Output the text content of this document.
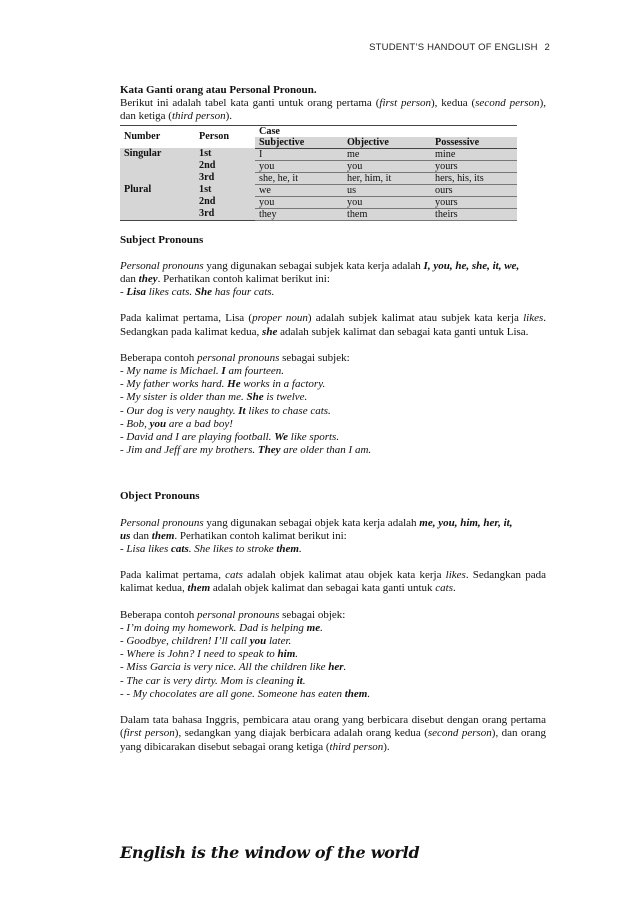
STUDENT’S HANDOUT OF ENGLISH 2

Kata Ganti orang atau Personal Pronoun.

Berikut ini adalah tabel kata ganti untuk orang pertama (first person), kedua (second person), dan ketiga (third person).

Number	Person	Case		
		Subjective	Objective	Possessive
Singular	1st	I	me	mine
	2nd	you	you	yours
	3rd	she, he, it	her, him, it	hers, his, its
Plural	1st	we	us	ours
	2nd	you	you	yours
	3rd	they	them	theirs

Subject Pronouns

Personal pronouns yang digunakan sebagai subjek kata kerja adalah I, you, he, she, it, we,
dan they. Perhatikan contoh kalimat berikut ini:

- Lisa likes cats. She has four cats.

Pada kalimat pertama, Lisa (proper noun) adalah subjek kalimat atau subjek kata kerja likes. Sedangkan pada kalimat kedua, she adalah subjek kalimat dan sebagai kata ganti untuk Lisa.

Beberapa contoh personal pronouns sebagai subjek:

- My name is Michael. I am fourteen.

- My father works hard. He works in a factory.

- My sister is older than me. She is twelve.

- Our dog is very naughty. It likes to chase cats.

- Bob, you are a bad boy!

- David and I are playing football. We like sports.

- Jim and Jeff are my brothers. They are older than I am.

Object Pronouns

Personal pronouns yang digunakan sebagai objek kata kerja adalah me, you, him, her, it,
us dan them. Perhatikan contoh kalimat berikut ini:

- Lisa likes cats. She likes to stroke them.

Pada kalimat pertama, cats adalah objek kalimat atau objek kata kerja likes. Sedangkan pada kalimat kedua, them adalah objek kalimat dan sebagai kata ganti untuk cats.

Beberapa contoh personal pronouns sebagai objek:

- I’m doing my homework. Dad is helping me.

- Goodbye, children! I’ll call you later.

- Where is John? I need to speak to him.

- Miss Garcia is very nice. All the children like her.

- The car is very dirty. Mom is cleaning it.

- - My chocolates are all gone. Someone has eaten them.

Dalam tata bahasa Inggris, pembicara atau orang yang berbicara disebut dengan orang pertama (first person), sedangkan yang diajak berbicara adalah orang kedua (second person), dan orang yang dibicarakan disebut sebagai orang ketiga (third person).

English is the window of the world
